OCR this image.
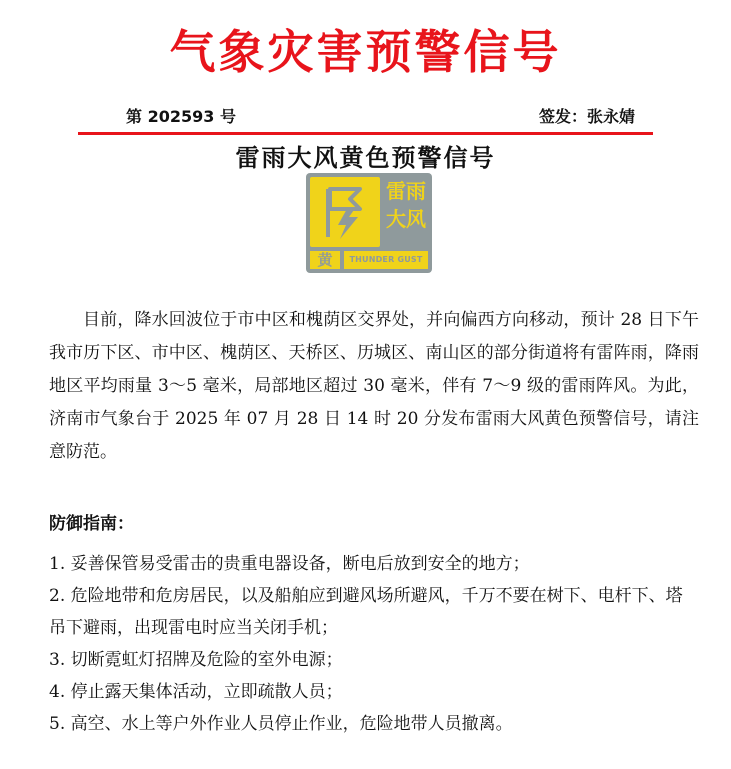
气象灾害预警信号
第 202593 号	签发：张永婧
雷雨大风黄色预警信号
雷 雨
大 风
黄	THUNDER GUST
目前，降水回波位于市中区和槐荫区交界处，并向偏西方向移动，预计 28 日下午我市历下区、市中区、槐荫区、天桥区、历城区、南山区的部分街道将有雷阵雨，降雨地区平均雨量 3～5 毫米，局部地区超过 30 毫米，伴有 7～9 级的雷雨阵风。为此，济南市气象台于 2025 年 07 月 28 日 14 时 20 分发布雷雨大风黄色预警信号，请注意防范。
防御指南：
1. 妥善保管易受雷击的贵重电器设备，断电后放到安全的地方；
2. 危险地带和危房居民，以及船舶应到避风场所避风，千万不要在树下、电杆下、塔吊下避雨，出现雷电时应当关闭手机；
3. 切断霓虹灯招牌及危险的室外电源；
4. 停止露天集体活动，立即疏散人员；
5. 高空、水上等户外作业人员停止作业，危险地带人员撤离。
